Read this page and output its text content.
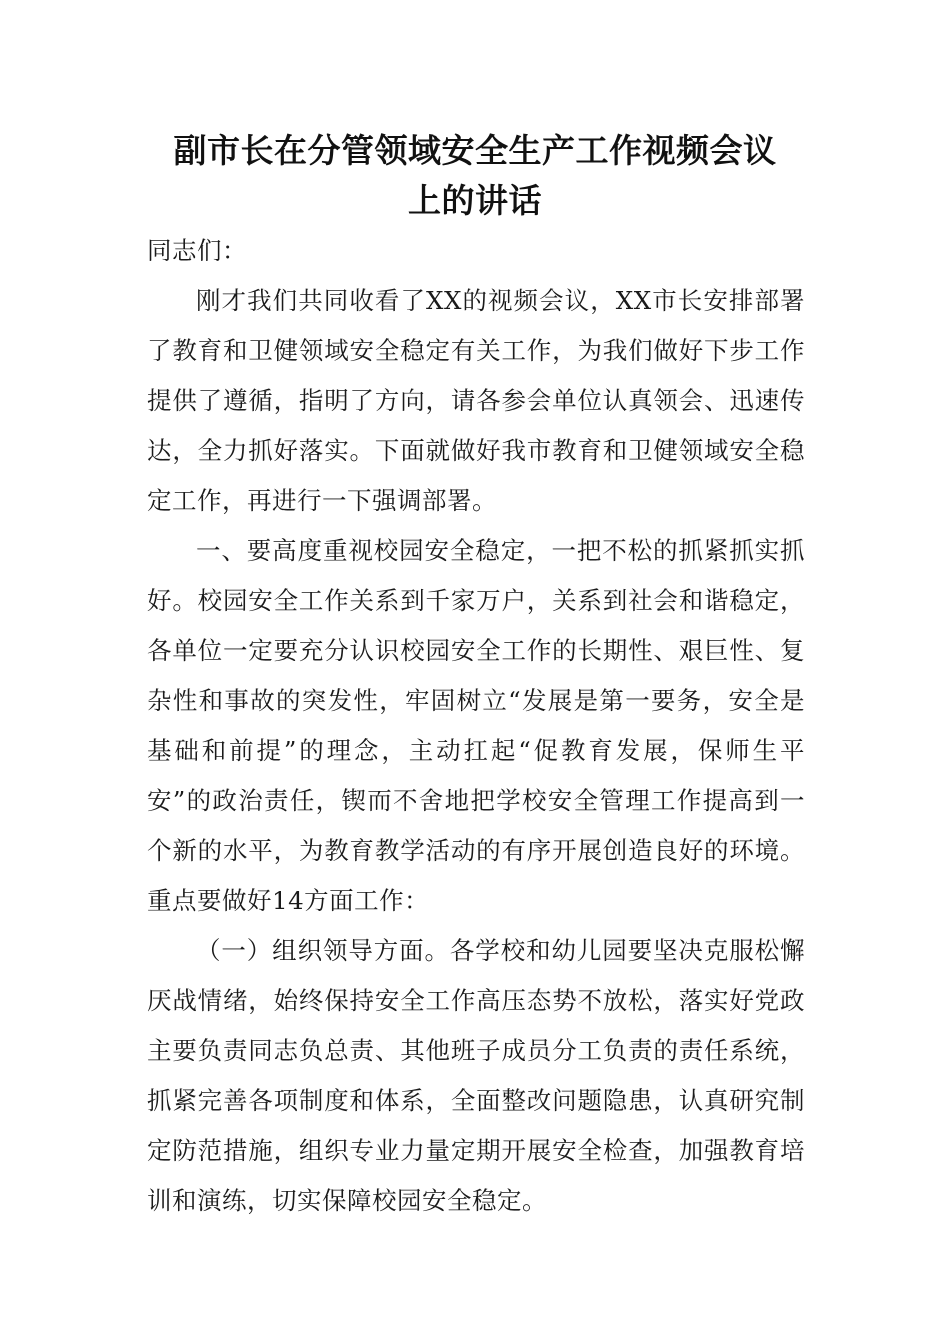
副市长在分管领域安全生产工作视频会议
上的讲话

同志们：

刚才我们共同收看了XX的视频会议，XX市长安排部署了教育和卫健领域安全稳定有关工作，为我们做好下步工作提供了遵循，指明了方向，请各参会单位认真领会、迅速传达，全力抓好落实。下面就做好我市教育和卫健领域安全稳定工作，再进行一下强调部署。

一、要高度重视校园安全稳定，一把不松的抓紧抓实抓好。校园安全工作关系到千家万户，关系到社会和谐稳定，各单位一定要充分认识校园安全工作的长期性、艰巨性、复杂性和事故的突发性，牢固树立“发展是第一要务，安全是基础和前提”的理念，主动扛起“促教育发展，保师生平安”的政治责任，锲而不舍地把学校安全管理工作提高到一个新的水平，为教育教学活动的有序开展创造良好的环境。重点要做好14方面工作：

（一）组织领导方面。各学校和幼儿园要坚决克服松懈厌战情绪，始终保持安全工作高压态势不放松，落实好党政主要负责同志负总责、其他班子成员分工负责的责任系统，抓紧完善各项制度和体系，全面整改问题隐患，认真研究制定防范措施，组织专业力量定期开展安全检查，加强教育培训和演练，切实保障校园安全稳定。
